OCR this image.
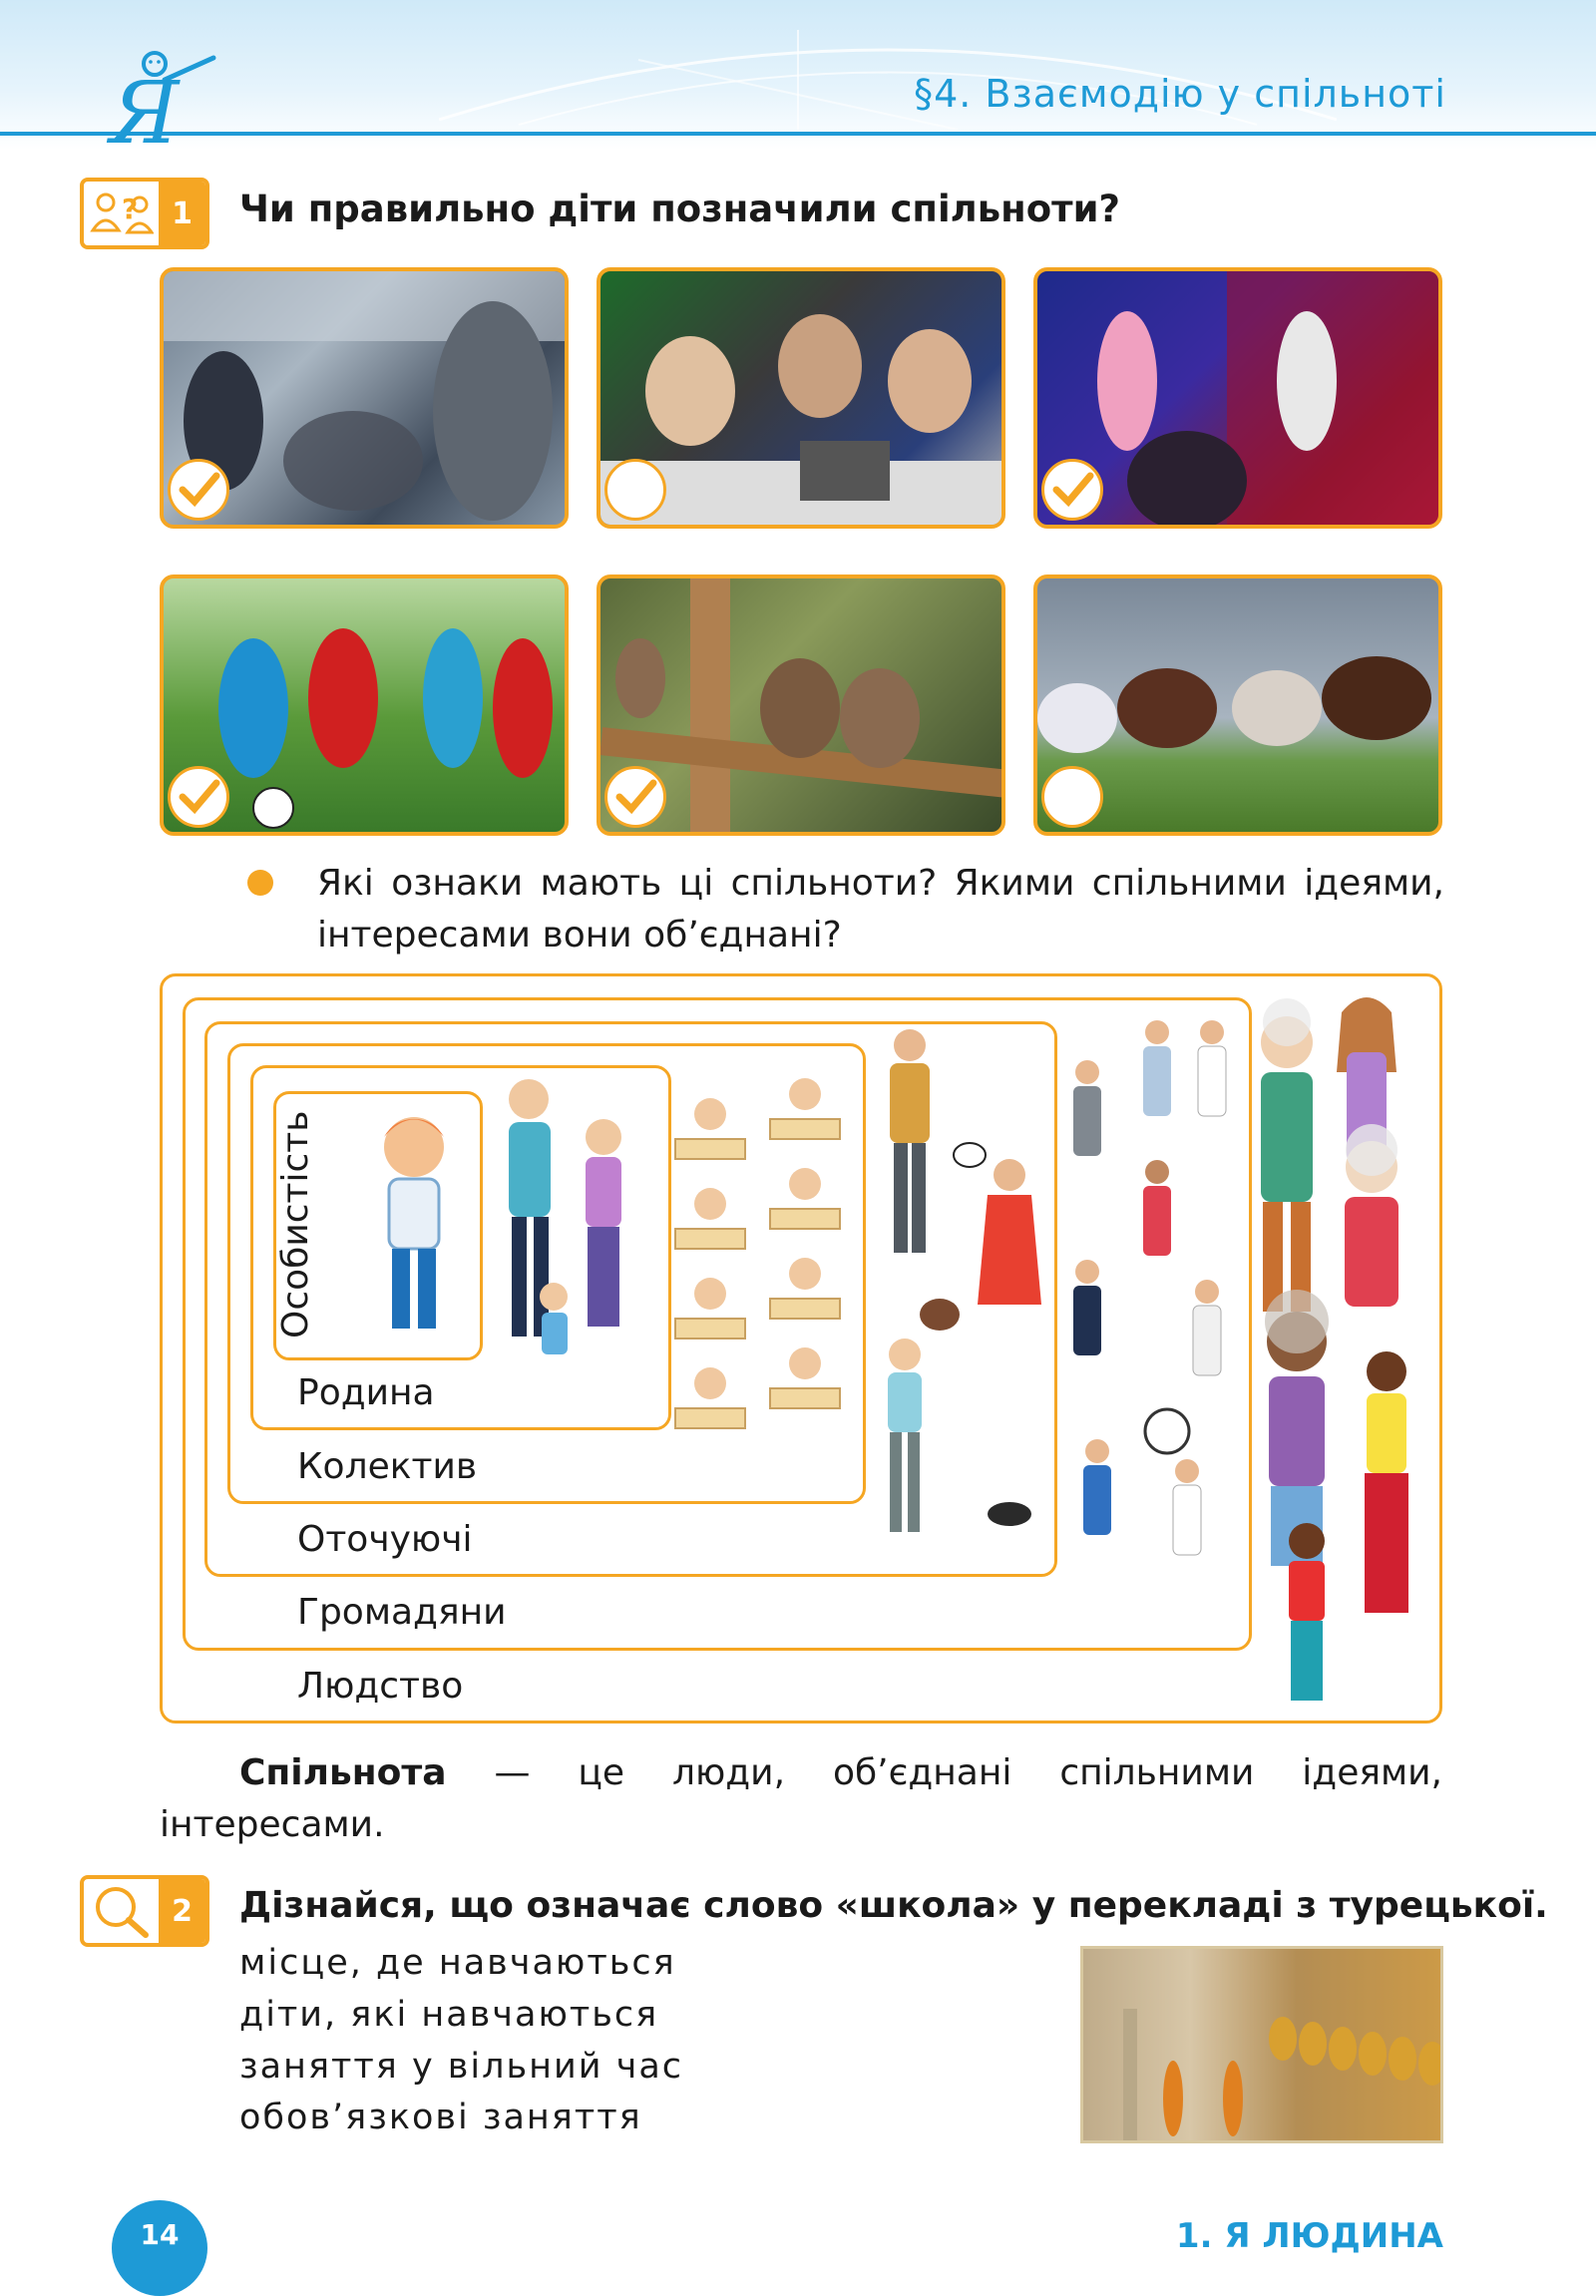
Я	§4. Взаємодію у спільноті
?	1	Чи правильно діти позначили спільноти?
Які ознаки мають ці спільноти? Якими спільними ідеями, інтересами вони об’єднані?
Особистість
Родина
Колектив
Оточуючі
Громадяни
Людство
Спільнота — це люди, об’єднані спільними ідеями, інтересами.
2	Дізнайся, що означає слово «школа» у перекладі з турецької.
місце, де навчаються
діти, які навчаються
заняття у вільний час
обов’язкові заняття
14	1. Я ЛЮДИНА
